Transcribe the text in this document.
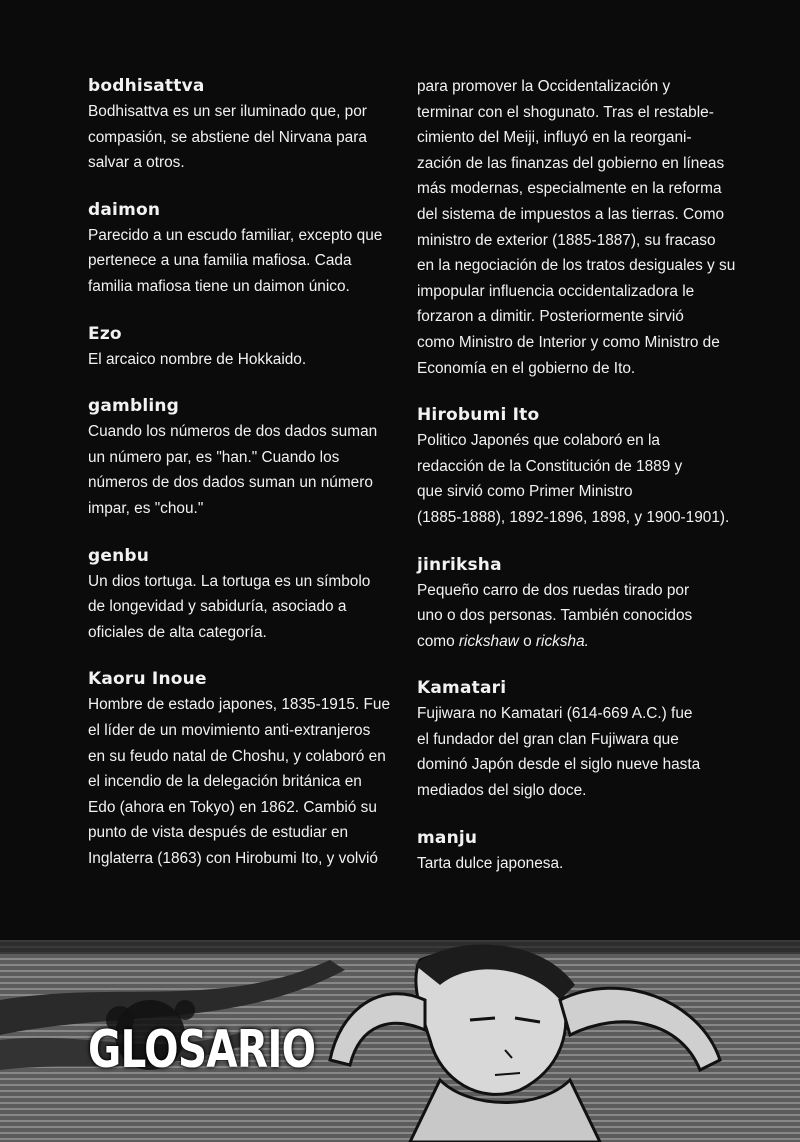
bodhisattva

Bodhisattva es un ser iluminado que, por
compasión, se abstiene del Nirvana para
salvar a otros.

daimon

Parecido a un escudo familiar, excepto que
pertenece a una familia mafiosa. Cada
familia mafiosa tiene un daimon único.

Ezo

El arcaico nombre de Hokkaido.

gambling

Cuando los números de dos dados suman
un número par, es "han." Cuando los
números de dos dados suman un número
impar, es "chou."

genbu

Un dios tortuga. La tortuga es un símbolo
de longevidad y sabiduría, asociado a
oficiales de alta categoría.

Kaoru Inoue

Hombre de estado japones, 1835-1915. Fue
el líder de un movimiento anti-extranjeros
en su feudo natal de Choshu, y colaboró en
el incendio de la delegación británica en
Edo (ahora en Tokyo) en 1862. Cambió su
punto de vista después de estudiar en
Inglaterra (1863) con Hirobumi Ito, y volvió

para promover la Occidentalización y
terminar con el shogunato. Tras el restable-
cimiento del Meiji, influyó en la reorgani-
zación de las finanzas del gobierno en líneas
más modernas, especialmente en la reforma
del sistema de impuestos a las tierras. Como
ministro de exterior (1885-1887), su fracaso
en la negociación de los tratos desiguales y su
impopular influencia occidentalizadora le
forzaron a dimitir. Posteriormente sirvió
como Ministro de Interior y como Ministro de
Economía en el gobierno de Ito.

Hirobumi Ito

Politico Japonés que colaboró en la
redacción de la Constitución de 1889 y
que sirvió como Primer Ministro
(1885-1888), 1892-1896, 1898, y 1900-1901).

jinriksha

Pequeño carro de dos ruedas tirado por
uno o dos personas. También conocidos
como rickshaw o ricksha.

Kamatari

Fujiwara no Kamatari (614-669 A.C.) fue
el fundador del gran clan Fujiwara que
dominó Japón desde el siglo nueve hasta
mediados del siglo doce.

manju

Tarta dulce japonesa.

GLOSARIO
